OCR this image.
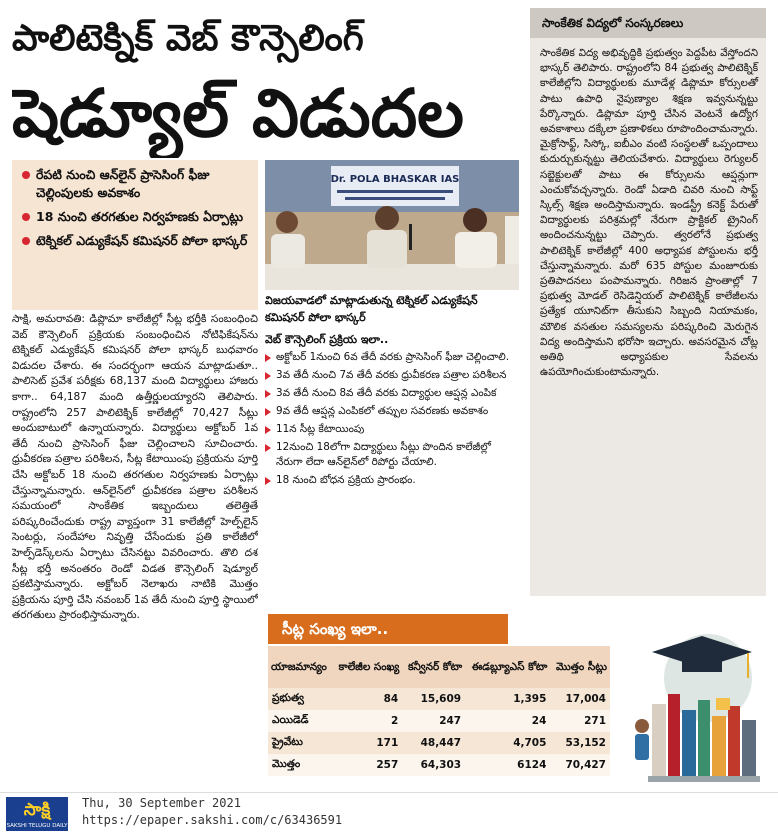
పాలిటెక్నిక్ వెబ్ కౌన్సెలింగ్
షెడ్యూల్ విడుదల
రేపటి నుంచి ఆన్‌లైన్ ప్రాసెసింగ్ ఫీజు చెల్లింపులకు అవకాశం
18 నుంచి తరగతుల నిర్వహణకు ఏర్పాట్లు
టెక్నికల్ ఎడ్యుకేషన్ కమిషనర్ పోలా భాస్కర్
సాక్షి, అమరావతి: డిప్లొమా కాలేజీల్లో సీట్ల భర్తీకి సంబంధించి వెబ్ కౌన్సెలింగ్ ప్రక్రియకు సంబంధించిన నోటిఫికేషన్‌ను టెక్నికల్ ఎడ్యుకేషన్ కమిషనర్ పోలా భాస్కర్ బుధవారం విడుదల చేశారు. ఈ సందర్భంగా ఆయన మాట్లాడుతూ.. పాలిసెట్ ప్రవేశ పరీక్షకు 68,137 మంది విద్యార్థులు హాజరు కాగా.. 64,187 మంది ఉత్తీర్ణులయ్యారని తెలిపారు. రాష్ట్రంలోని 257 పాలిటెక్నిక్ కాలేజీల్లో 70,427 సీట్లు అందుబాటులో ఉన్నాయన్నారు. విద్యార్థులు అక్టోబర్ 1వ తేదీ నుంచి ప్రాసెసింగ్ ఫీజు చెల్లించాలని సూచించారు. ధ్రువీకరణ పత్రాల పరిశీలన, సీట్ల కేటాయింపు ప్రక్రియను పూర్తి చేసి అక్టోబర్ 18 నుంచి తరగతుల నిర్వహణకు ఏర్పాట్లు చేస్తున్నామన్నారు. ఆన్‌లైన్‌లో ధ్రువీకరణ పత్రాల పరిశీలన సమయంలో సాంకేతిక ఇబ్బందులు తలెత్తితే పరిష్కరించేందుకు రాష్ట్ర వ్యాప్తంగా 31 కాలేజీల్లో హెల్ప్‌లైన్ సెంటర్లు, సందేహాల నివృత్తి చేసేందుకు ప్రతి కాలేజీలో హెల్ప్‌డెస్క్‌లను ఏర్పాటు చేసినట్టు వివరించారు. తొలి దశ సీట్ల భర్తీ అనంతరం రెండో విడత కౌన్సెలింగ్ షెడ్యూల్ ప్రకటిస్తామన్నారు. అక్టోబర్ నెలాఖరు నాటికి మొత్తం ప్రక్రియను పూర్తి చేసి నవంబర్ 1వ తేదీ నుంచి పూర్తి స్థాయిలో తరగతులు ప్రారంభిస్తామన్నారు.
Dr. POLA BHASKAR IAS
విజయవాడలో మాట్లాడుతున్న టెక్నికల్ ఎడ్యుకేషన్ కమిషనర్ పోలా భాస్కర్
వెబ్ కౌన్సెలింగ్ ప్రక్రియ ఇలా..
అక్టోబర్ 1నుంచి 6వ తేదీ వరకు ప్రాసెసింగ్ ఫీజు చెల్లించాలి.
3వ తేదీ నుంచి 7వ తేదీ వరకు ధ్రువీకరణ పత్రాల పరిశీలన
3వ తేదీ నుంచి 8వ తేదీ వరకు విద్యార్థుల ఆప్షన్ల ఎంపిక
9వ తేదీ ఆప్షన్ల ఎంపికలో తప్పుల సవరణకు అవకాశం
11న సీట్ల కేటాయింపు
12నుంచి 18లోగా విద్యార్థులు సీట్లు పొందిన కాలేజీల్లో నేరుగా లేదా ఆన్‌లైన్‌లో రిపోర్టు చేయాలి.
18 నుంచి బోధన ప్రక్రియ ప్రారంభం.
సాంకేతిక విద్యలో సంస్కరణలు
సాంకేతిక విద్య అభివృద్ధికి ప్రభుత్వం పెద్దపీట వేస్తోందని భాస్కర్ తెలిపారు. రాష్ట్రంలోని 84 ప్రభుత్వ పాలిటెక్నిక్ కాలేజీల్లోని విద్యార్థులకు మూడేళ్ల డిప్లొమా కోర్సులతో పాటు ఉపాధి నైపుణ్యాల శిక్షణ ఇవ్వనున్నట్టు పేర్కొన్నారు. డిప్లొమా పూర్తి చేసిన వెంటనే ఉద్యోగ అవకాశాలు దక్కేలా ప్రణాళికలు రూపొందించామన్నారు. మైక్రోసాఫ్ట్, సిస్కో, ఐబీఎం వంటి సంస్థలతో ఒప్పందాలు కుదుర్చుకున్నట్టు తెలియచేశారు. విద్యార్థులు రెగ్యులర్ సబ్జెక్టులతో పాటు ఈ కోర్సులను ఆప్షన్లుగా ఎంచుకోవచ్చన్నారు. రెండో ఏడాది చివరి నుంచి సాఫ్ట్ స్కిల్స్ శిక్షణ అందిస్తామన్నారు. ఇండస్ట్రీ కనెక్ట్ పేరుతో విద్యార్థులకు పరిశ్రమల్లో నేరుగా ప్రాక్టికల్ ట్రైనింగ్ అందించనున్నట్టు చెప్పారు. త్వరలోనే ప్రభుత్వ పాలిటెక్నిక్ కాలేజీల్లో 400 అధ్యాపక పోస్టులను భర్తీ చేస్తున్నామన్నారు. మరో 635 పోస్టుల మంజూరుకు ప్రతిపాదనలు పంపామన్నారు. గిరిజన ప్రాంతాల్లో 7 ప్రభుత్వ మోడల్ రెసిడెన్షియల్ పాలిటెక్నిక్ కాలేజీలను ప్రత్యేక యూనిట్‌గా తీసుకుని సిబ్బంది నియామకం, మౌలిక వసతుల సమస్యలను పరిష్కరించి మెరుగైన విద్య అందిస్తామని భరోసా ఇచ్చారు. అవసరమైన చోట్ల అతిథి అధ్యాపకుల సేవలను ఉపయోగించుకుంటామన్నారు.
సీట్ల సంఖ్య ఇలా..
యాజమాన్యం	కాలేజీల సంఖ్య	కన్వీనర్ కోటా	ఈడబ్ల్యూఎస్ కోటా	మొత్తం సీట్లు
ప్రభుత్వ	84	15,609	1,395	17,004
ఎయిడెడ్	2	247	24	271
ప్రైవేటు	171	48,447	4,705	53,152
మొత్తం	257	64,303	6124	70,427
సాక్షి
SAKSHI TELUGU DAILY
Thu, 30 September 2021
https://epaper.sakshi.com/c/63436591
